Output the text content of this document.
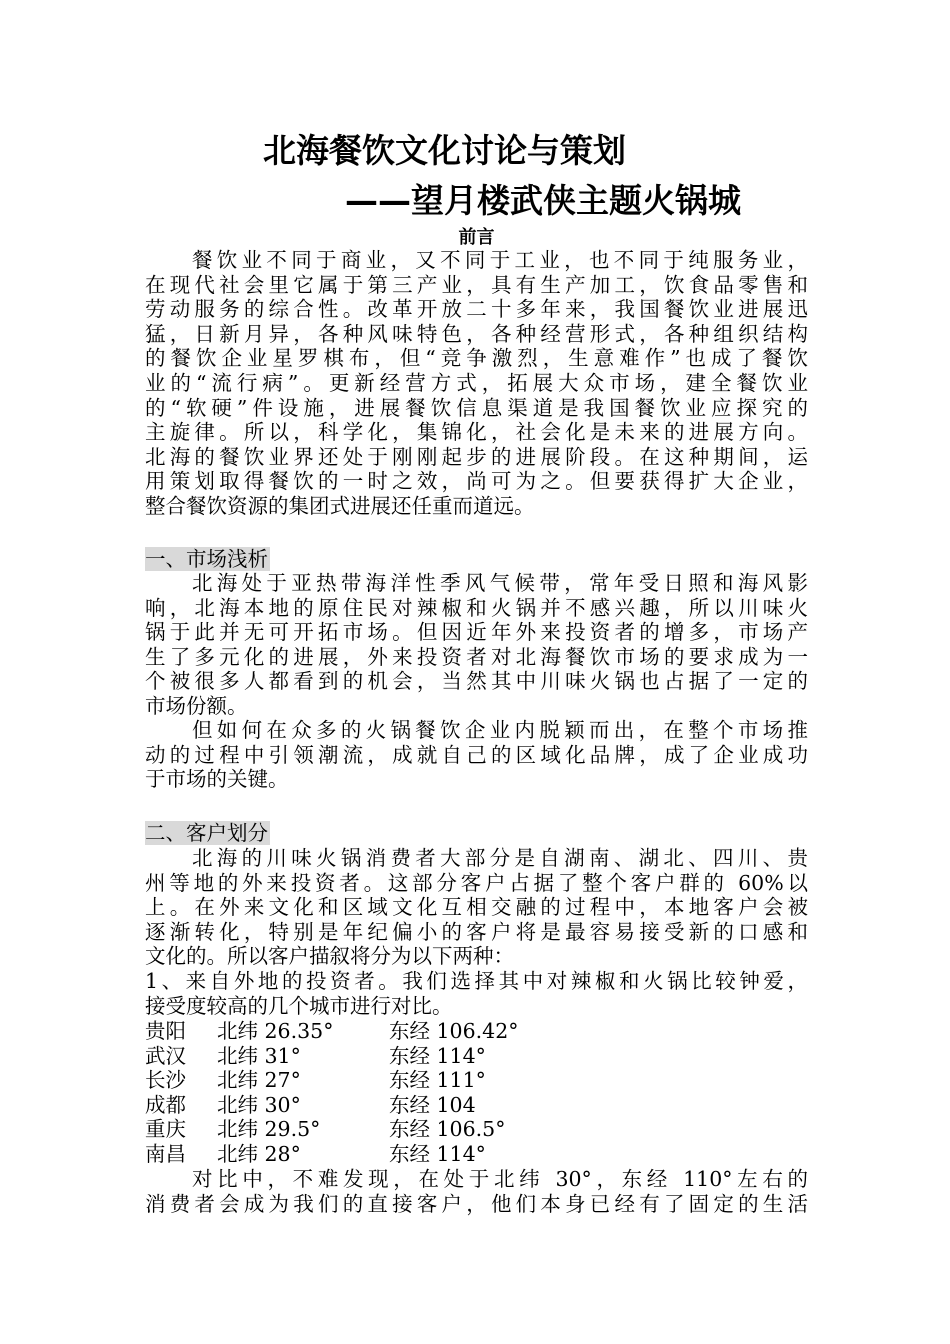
北海餐饮文化讨论与策划
——望月楼武侠主题火锅城
前言
餐饮业不同于商业，又不同于工业，也不同于纯服务业，
在现代社会里它属于第三产业，具有生产加工，饮食品零售和
劳动服务的综合性。改革开放二十多年来，我国餐饮业进展迅
猛，日新月异，各种风味特色，各种经营形式，各种组织结构
的餐饮企业星罗棋布，但“竞争激烈，生意难作”也成了餐饮
业的“流行病”。更新经营方式，拓展大众市场，建全餐饮业
的“软硬”件设施，进展餐饮信息渠道是我国餐饮业应探究的
主旋律。所以，科学化，集锦化，社会化是未来的进展方向。
北海的餐饮业界还处于刚刚起步的进展阶段。在这种期间，运
用策划取得餐饮的一时之效，尚可为之。但要获得扩大企业，
整合餐饮资源的集团式进展还任重而道远。
一、市场浅析
北海处于亚热带海洋性季风气候带，常年受日照和海风影
响，北海本地的原住民对辣椒和火锅并不感兴趣，所以川味火
锅于此并无可开拓市场。但因近年外来投资者的增多，市场产
生了多元化的进展，外来投资者对北海餐饮市场的要求成为一
个被很多人都看到的机会，当然其中川味火锅也占据了一定的
市场份额。
但如何在众多的火锅餐饮企业内脱颖而出，在整个市场推
动的过程中引领潮流，成就自己的区域化品牌，成了企业成功
于市场的关键。
二、客户划分
北海的川味火锅消费者大部分是自湖南、湖北、四川、贵
州等地的外来投资者。这部分客户占据了整个客户群的 60%以
上。在外来文化和区域文化互相交融的过程中，本地客户会被
逐渐转化，特别是年纪偏小的客户将是最容易接受新的口感和
文化的。所以客户描叙将分为以下两种：
1、来自外地的投资者。我们选择其中对辣椒和火锅比较钟爱，
接受度较高的几个城市进行对比。
贵阳 北纬 26.35°	东经 106.42°
武汉 北纬 31°	东经 114°
长沙 北纬 27°	东经 111°
成都 北纬 30°	东经 104
重庆 北纬 29.5°	东经 106.5°
南昌 北纬 28°	东经 114°
对比中，不难发现，在处于北纬 30°，东经 110°左右的
消费者会成为我们的直接客户，他们本身已经有了固定的生活
